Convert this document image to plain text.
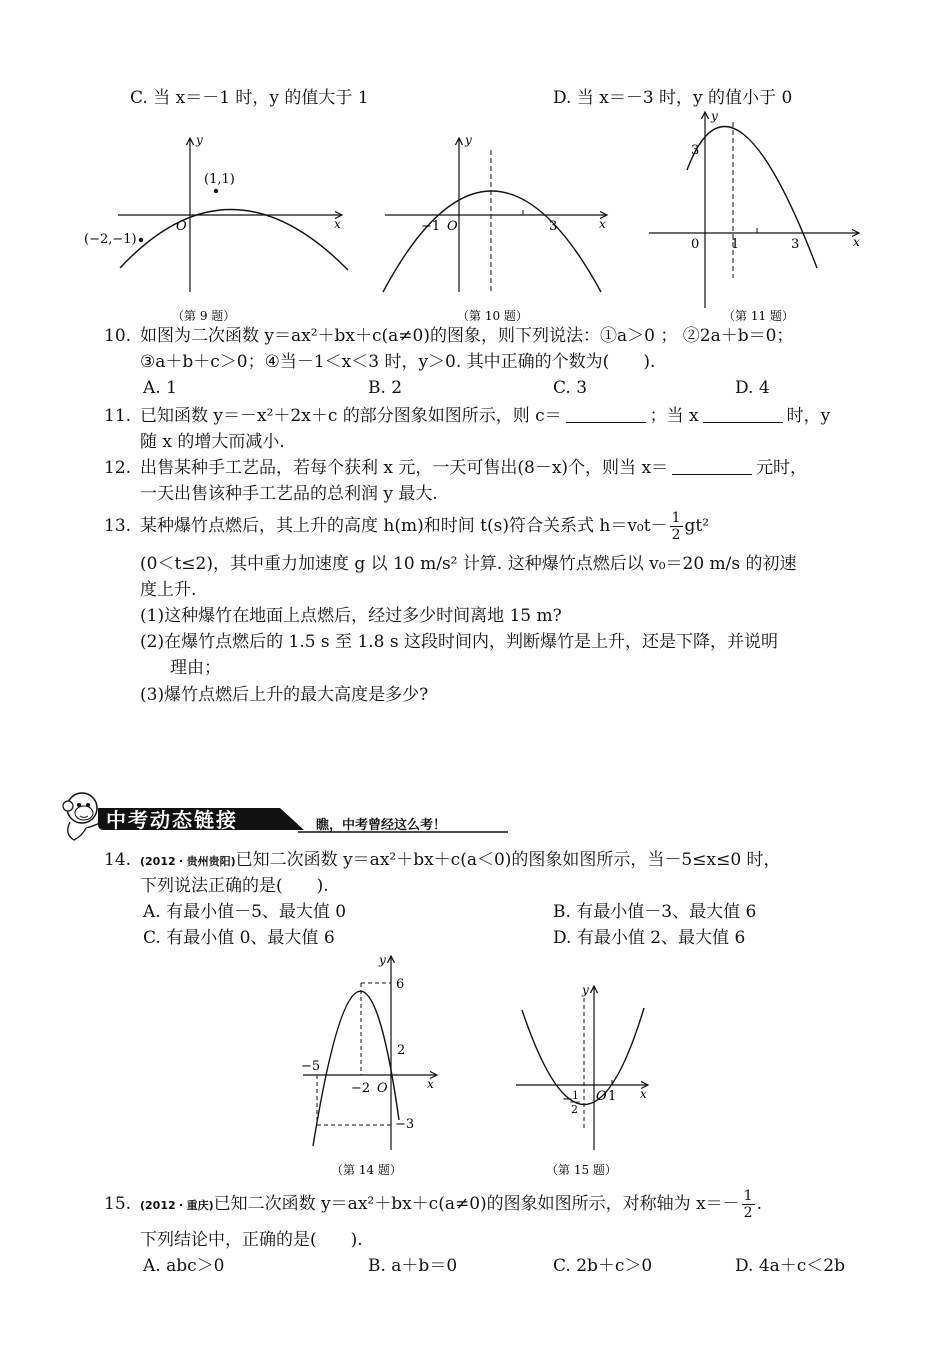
C. 当 x＝－1 时，y 的值大于 1	D. 当 x＝－3 时，y 的值小于 0
(1,1)
(−2,−1)
O	x
y
（第 9 题）
−1 O	3	x
y
（第 10 题）
3
0 1	3	x
y
（第 11 题）
10. 如图为二次函数 y＝ax²＋bx＋c(a≠0)的图象，则下列说法：①a＞0 ； ②2a＋b＝0；
③a＋b＋c＞0；④当－1＜x＜3 时，y＞0. 其中正确的个数为(　　).
A. 1	B. 2	C. 3	D. 4
11. 已知函数 y＝－x²＋2x＋c 的部分图象如图所示，则 c＝	；当 x	时，y
随 x 的增大而减小.
12. 出售某种手工艺品，若每个获利 x 元，一天可售出(8－x)个，则当 x＝	元时，
一天出售该种手工艺品的总利润 y 最大.
13. 某种爆竹点燃后，其上升的高度 h(m)和时间 t(s)符合关系式 $h=v_0t- \frac{1}{2} gt^2$
(0＜t≤2)，其中重力加速度 g 以 10 m/s² 计算. 这种爆竹点燃后以 v₀＝20 m/s 的初速
度上升.
(1)这种爆竹在地面上点燃后，经过多少时间离地 15 m?
(2)在爆竹点燃后的 1.5 s 至 1.8 s 这段时间内，判断爆竹是上升，还是下降，并说明
理由；
(3)爆竹点燃后上升的最大高度是多少?
中考动态链接	瞧，中考曾经这么考！
14. (2012・贵州贵阳)已知二次函数 y＝ax²＋bx＋c(a＜0)的图象如图所示，当－5≤x≤0 时，
下列说法正确的是(　　).
A. 有最小值－5、最大值 0	B. 有最小值－3、最大值 6
C. 有最小值 0、最大值 6	D. 有最小值 2、最大值 6
6
2
−5
−2 O
−3
x
y
（第 14 题）
− 1
2
O 1 x
y
（第 15 题）
15. (2012・重庆)已知二次函数 y＝ax²＋bx＋c(a≠0)的图象如图所示，对称轴为 $x=- \frac{1}{2}$ .
下列结论中，正确的是(　　).
A. abc＞0	B. a＋b＝0	C. 2b＋c＞0	D. 4a＋c＜2b
